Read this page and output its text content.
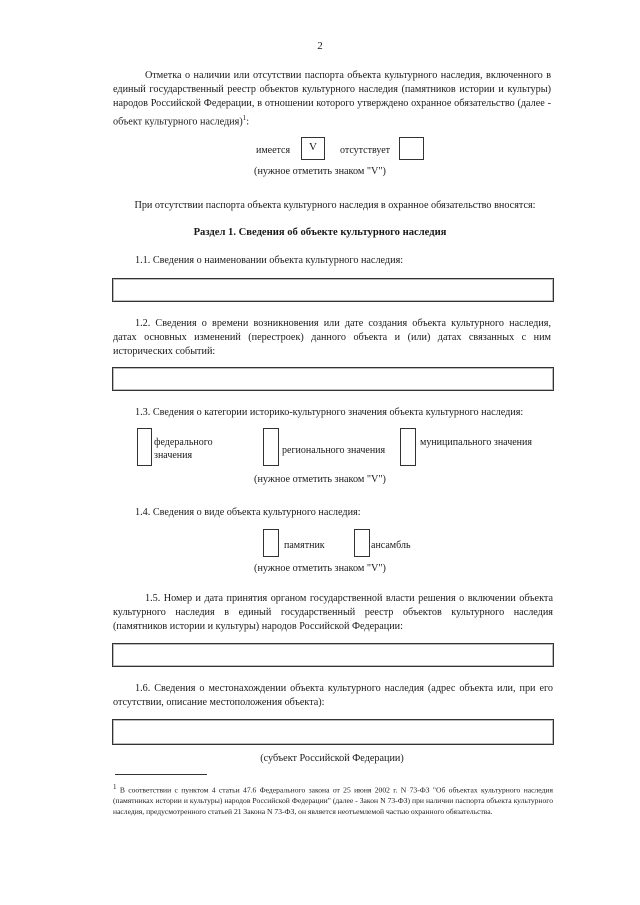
2
Отметка о наличии или отсутствии паспорта объекта культурного наследия, включенного в единый государственный реестр объектов культурного наследия (памятников истории и культуры) народов Российской Федерации, в отношении которого утверждено охранное обязательство (далее - объект культурного наследия)$^1$:
имеется	V	отсутствует
(нужное отметить знаком "V")
При отсутствии паспорта объекта культурного наследия в охранное обязательство вносятся:
Раздел 1. Сведения об объекте культурного наследия
1.1. Сведения о наименовании объекта культурного наследия:
1.2. Сведения о времени возникновения или дате создания объекта культурного наследия, датах основных изменений (перестроек) данного объекта и (или) датах связанных с ним исторических событий:
1.3. Сведения о категории историко-культурного значения объекта культурного наследия:
федерального
значения	регионального значения
муниципального значения
(нужное отметить знаком "V")
1.4. Сведения о виде объекта культурного наследия:
памятник	ансамбль
(нужное отметить знаком "V")
1.5. Номер и дата принятия органом государственной власти решения о включении объекта культурного наследия в единый государственный реестр объектов культурного наследия (памятников истории и культуры) народов Российской Федерации:
1.6. Сведения о местонахождении объекта культурного наследия (адрес объекта или, при его отсутствии, описание местоположения объекта):
(субъект Российской Федерации)
$^1$ В соответствии с пунктом 4 статьи 47.6 Федерального закона от 25 июня 2002 г. N 73-ФЗ "Об объектах культурного наследия (памятниках истории и культуры) народов Российской Федерации" (далее - Закон N 73-ФЗ) при наличии паспорта объекта культурного наследия, предусмотренного статьей 21 Закона N 73-ФЗ, он является неотъемлемой частью охранного обязательства.
